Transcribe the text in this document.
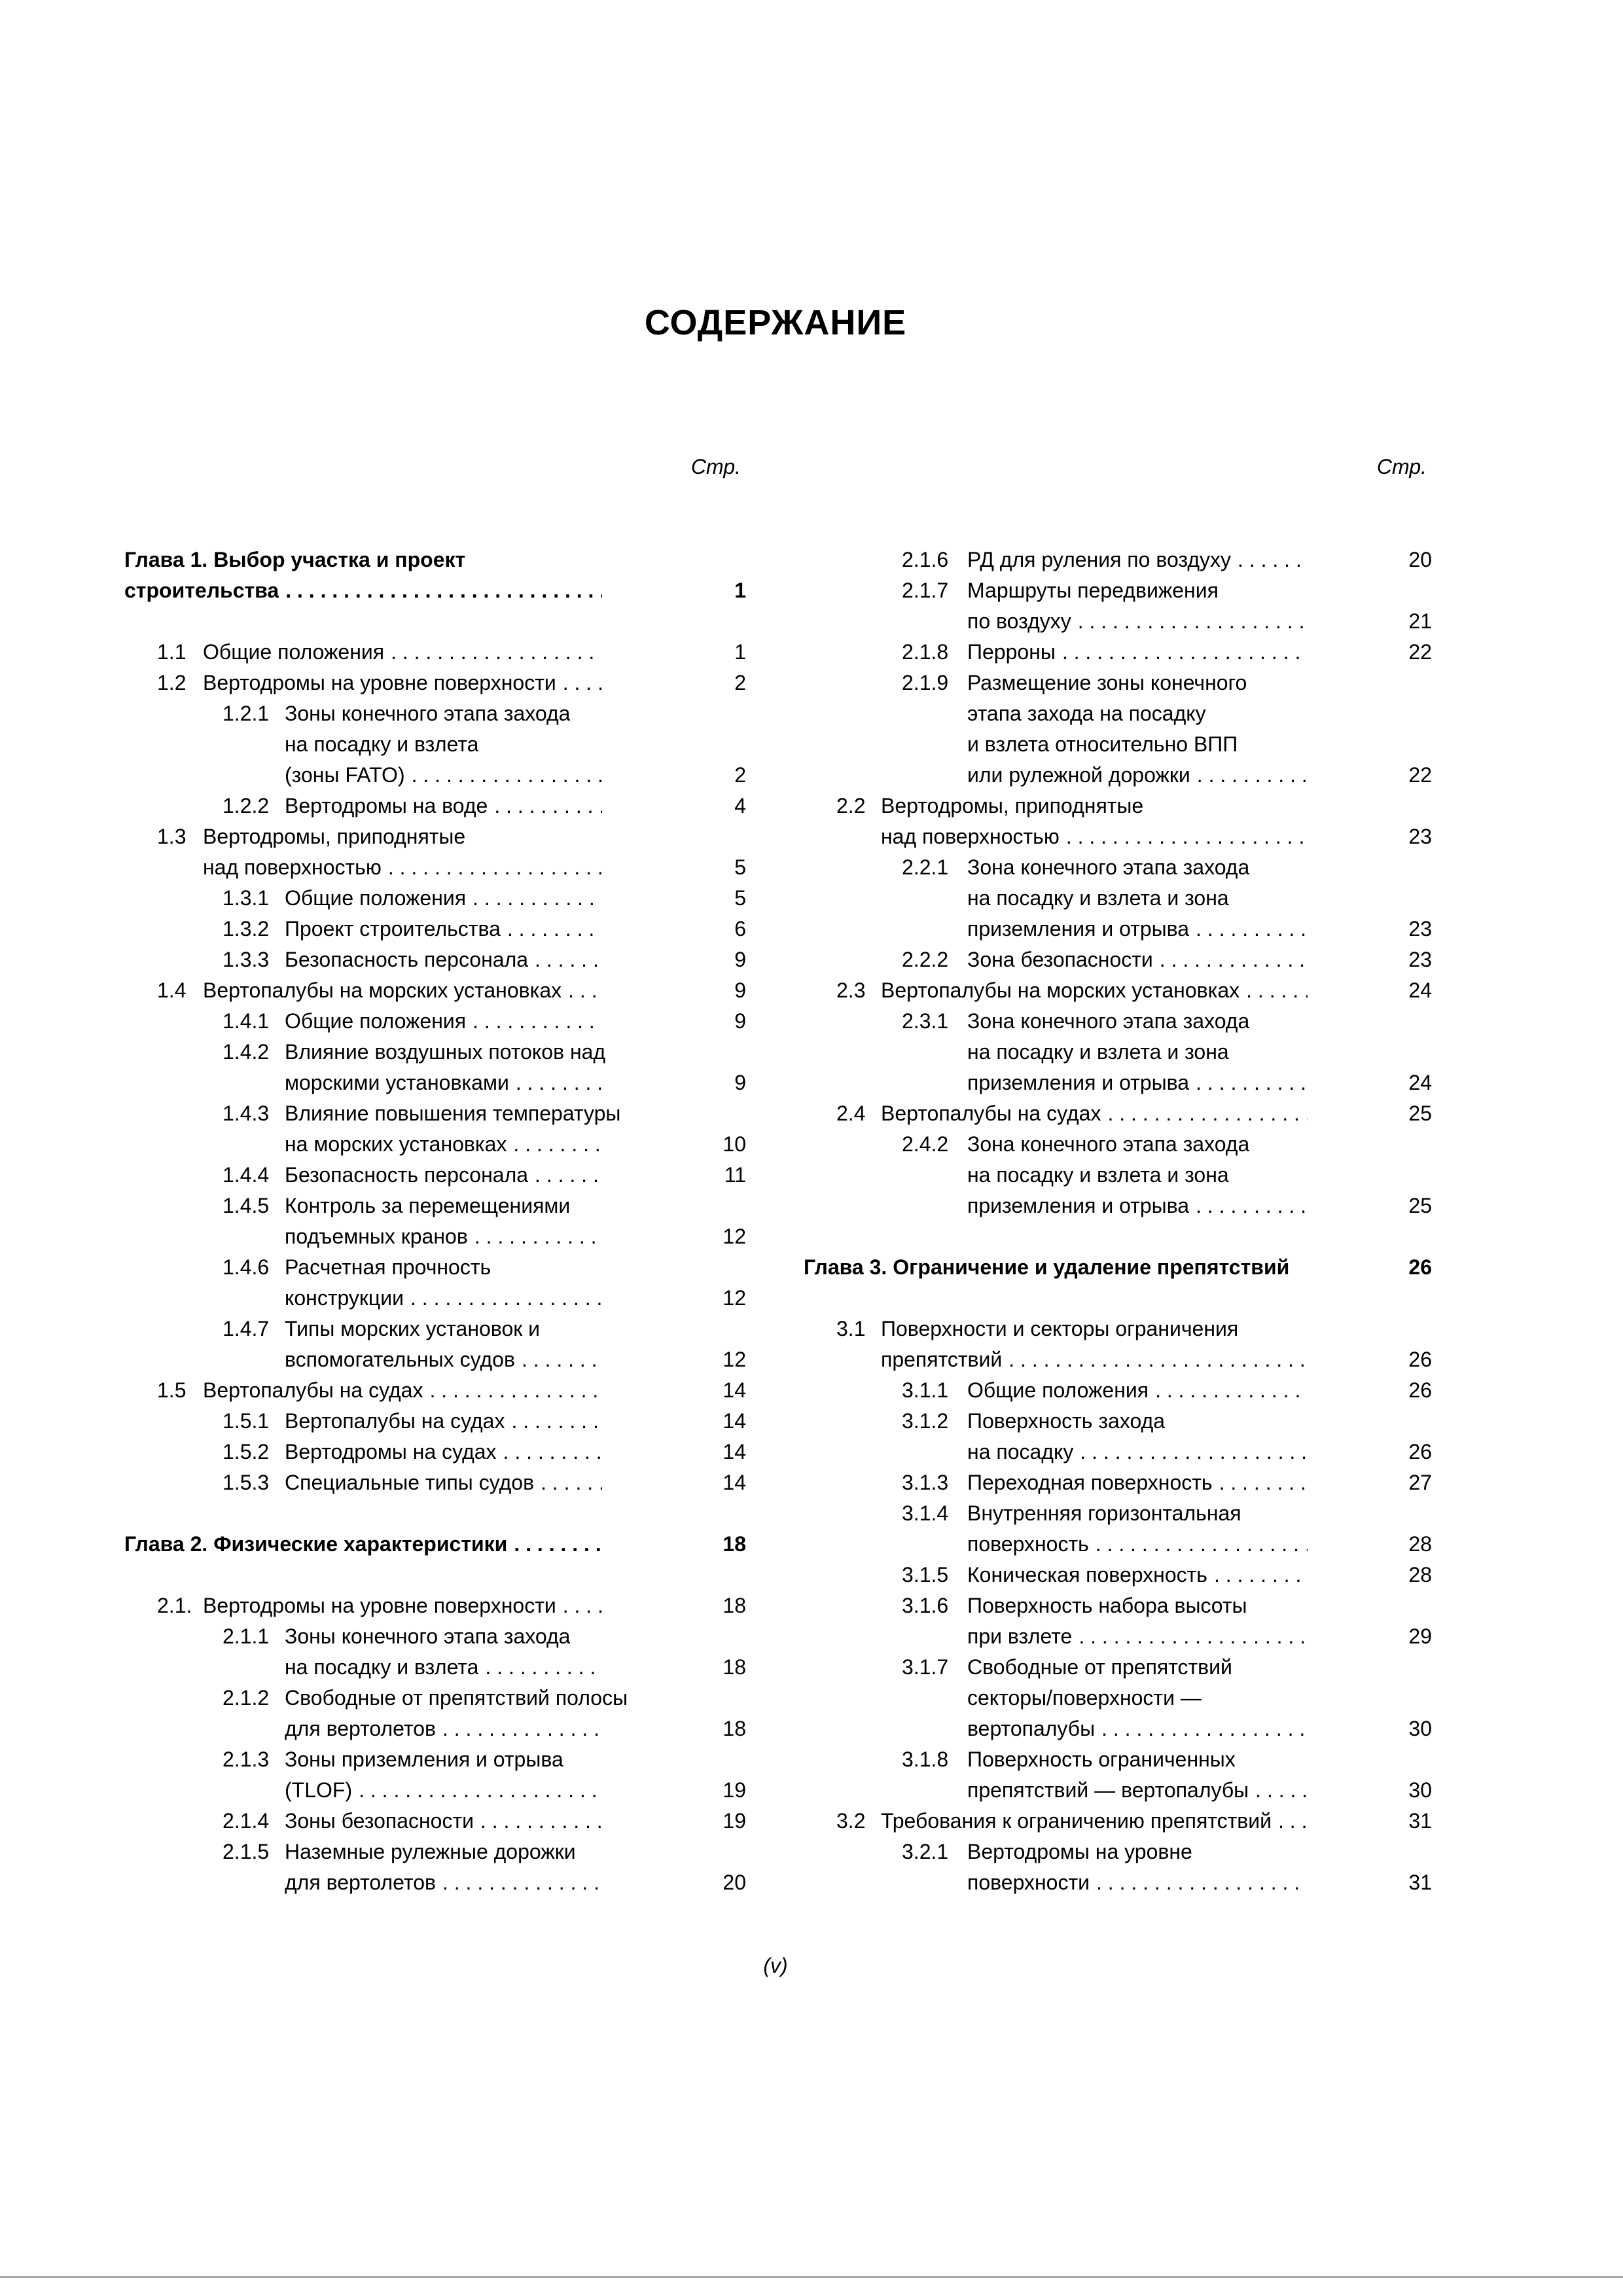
СОДЕРЖАНИЕ
Стр.
Глава 1. Выбор участка и проект
строительства . . .	1
1.1 Общие положения . . .	1
1.2 Вертодромы на уровне поверхности . . .	2
1.2.1 Зоны конечного этапа захода
на посадку и взлета
(зоны FATO) . . .	2
1.2.2 Вертодромы на воде . . .	4
1.3 Вертодромы, приподнятые
над поверхностью . . .	5
1.3.1 Общие положения . . .	5
1.3.2 Проект строительства . . .	6
1.3.3 Безопасность персонала . . .	9
1.4 Вертопалубы на морских установках . . .	9
1.4.1 Общие положения . . .	9
1.4.2 Влияние воздушных потоков над
морскими установками . . .	9
1.4.3 Влияние повышения температуры
на морских установках . . .	10
1.4.4 Безопасность персонала . . .	11
1.4.5 Контроль за перемещениями
подъемных кранов . . .	12
1.4.6 Расчетная прочность
конструкции . . .	12
1.4.7 Типы морских установок и
вспомогательных судов . . .	12
1.5 Вертопалубы на судах . . .	14
1.5.1 Вертопалубы на судах . . .	14
1.5.2 Вертодромы на судах . . .	14
1.5.3 Специальные типы судов . . .	14
Глава 2. Физические характеристики . . .	18
2.1. Вертодромы на уровне поверхности . . .	18
2.1.1 Зоны конечного этапа захода
на посадку и взлета . . .	18
2.1.2 Свободные от препятствий полосы
для вертолетов . . .	18
2.1.3 Зоны приземления и отрыва
(TLOF) . . .	19
2.1.4 Зоны безопасности . . .	19
2.1.5 Наземные рулежные дорожки
для вертолетов . . .	20
Стр.
2.1.6 РД для руления по воздуху . . .	20
2.1.7 Маршруты передвижения
по воздуху . . .	21
2.1.8 Перроны . . .	22
2.1.9 Размещение зоны конечного
этапа захода на посадку
и взлета относительно ВПП
или рулежной дорожки . . .	22
2.2 Вертодромы, приподнятые
над поверхностью . . .	23
2.2.1 Зона конечного этапа захода
на посадку и взлета и зона
приземления и отрыва . . .	23
2.2.2 Зона безопасности . . .	23
2.3 Вертопалубы на морских установках . . .	24
2.3.1 Зона конечного этапа захода
на посадку и взлета и зона
приземления и отрыва . . .	24
2.4 Вертопалубы на судах . . .	25
2.4.2 Зона конечного этапа захода
на посадку и взлета и зона
приземления и отрыва . . .	25
Глава 3. Ограничение и удаление препятствий	26
3.1 Поверхности и секторы ограничения
препятствий . . .	26
3.1.1 Общие положения . . .	26
3.1.2 Поверхность захода
на посадку . . .	26
3.1.3 Переходная поверхность . . .	27
3.1.4 Внутренняя горизонтальная
поверхность . . .	28
3.1.5 Коническая поверхность . . .	28
3.1.6 Поверхность набора высоты
при взлете . . .	29
3.1.7 Свободные от препятствий
секторы/поверхности —
вертопалубы . . .	30
3.1.8 Поверхность ограниченных
препятствий — вертопалубы . . .	30
3.2 Требования к ограничению препятствий . . .	31
3.2.1 Вертодромы на уровне
поверхности . . .	31
(v)
